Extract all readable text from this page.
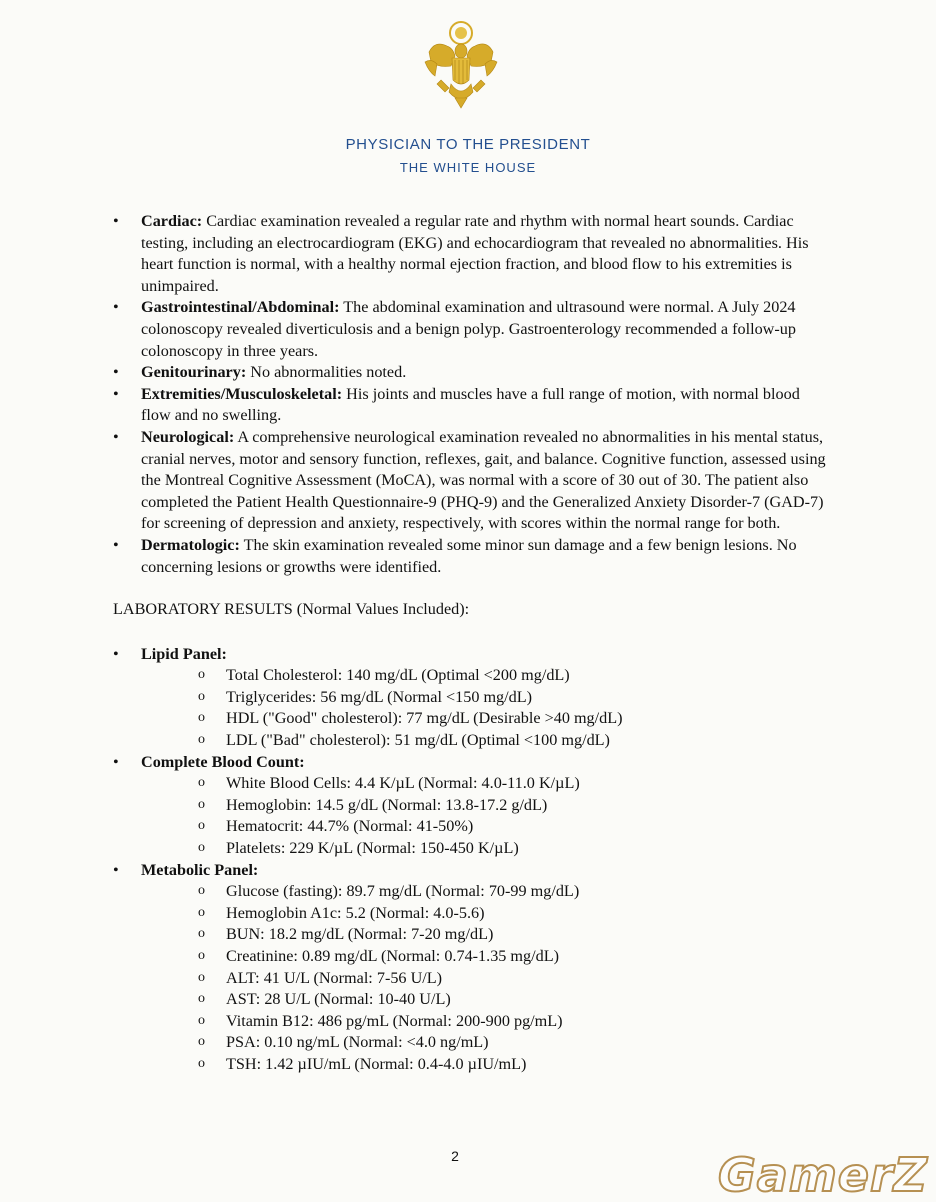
PHYSICIAN TO THE PRESIDENT
THE WHITE HOUSE
• Cardiac: Cardiac examination revealed a regular rate and rhythm with normal heart sounds. Cardiac testing, including an electrocardiogram (EKG) and echocardiogram that revealed no abnormalities. His heart function is normal, with a healthy normal ejection fraction, and blood flow to his extremities is unimpaired.
• Gastrointestinal/Abdominal: The abdominal examination and ultrasound were normal. A July 2024 colonoscopy revealed diverticulosis and a benign polyp. Gastroenterology recommended a follow-up colonoscopy in three years.
• Genitourinary: No abnormalities noted.
• Extremities/Musculoskeletal: His joints and muscles have a full range of motion, with normal blood flow and no swelling.
• Neurological: A comprehensive neurological examination revealed no abnormalities in his mental status, cranial nerves, motor and sensory function, reflexes, gait, and balance. Cognitive function, assessed using the Montreal Cognitive Assessment (MoCA), was normal with a score of 30 out of 30. The patient also completed the Patient Health Questionnaire-9 (PHQ-9) and the Generalized Anxiety Disorder-7 (GAD-7) for screening of depression and anxiety, respectively, with scores within the normal range for both.
• Dermatologic: The skin examination revealed some minor sun damage and a few benign lesions. No concerning lesions or growths were identified.
LABORATORY RESULTS (Normal Values Included):
• Lipid Panel:
o Total Cholesterol: 140 mg/dL (Optimal <200 mg/dL)
o Triglycerides: 56 mg/dL (Normal <150 mg/dL)
o HDL ("Good" cholesterol): 77 mg/dL (Desirable >40 mg/dL)
o LDL ("Bad" cholesterol): 51 mg/dL (Optimal <100 mg/dL)
• Complete Blood Count:
o White Blood Cells: 4.4 K/µL (Normal: 4.0-11.0 K/µL)
o Hemoglobin: 14.5 g/dL (Normal: 13.8-17.2 g/dL)
o Hematocrit: 44.7% (Normal: 41-50%)
o Platelets: 229 K/µL (Normal: 150-450 K/µL)
• Metabolic Panel:
o Glucose (fasting): 89.7 mg/dL (Normal: 70-99 mg/dL)
o Hemoglobin A1c: 5.2 (Normal: 4.0-5.6)
o BUN: 18.2 mg/dL (Normal: 7-20 mg/dL)
o Creatinine: 0.89 mg/dL (Normal: 0.74-1.35 mg/dL)
o ALT: 41 U/L (Normal: 7-56 U/L)
o AST: 28 U/L (Normal: 10-40 U/L)
o Vitamin B12: 486 pg/mL (Normal: 200-900 pg/mL)
o PSA: 0.10 ng/mL (Normal: <4.0 ng/mL)
o TSH: 1.42 µIU/mL (Normal: 0.4-4.0 µIU/mL)
2	GamerZ
